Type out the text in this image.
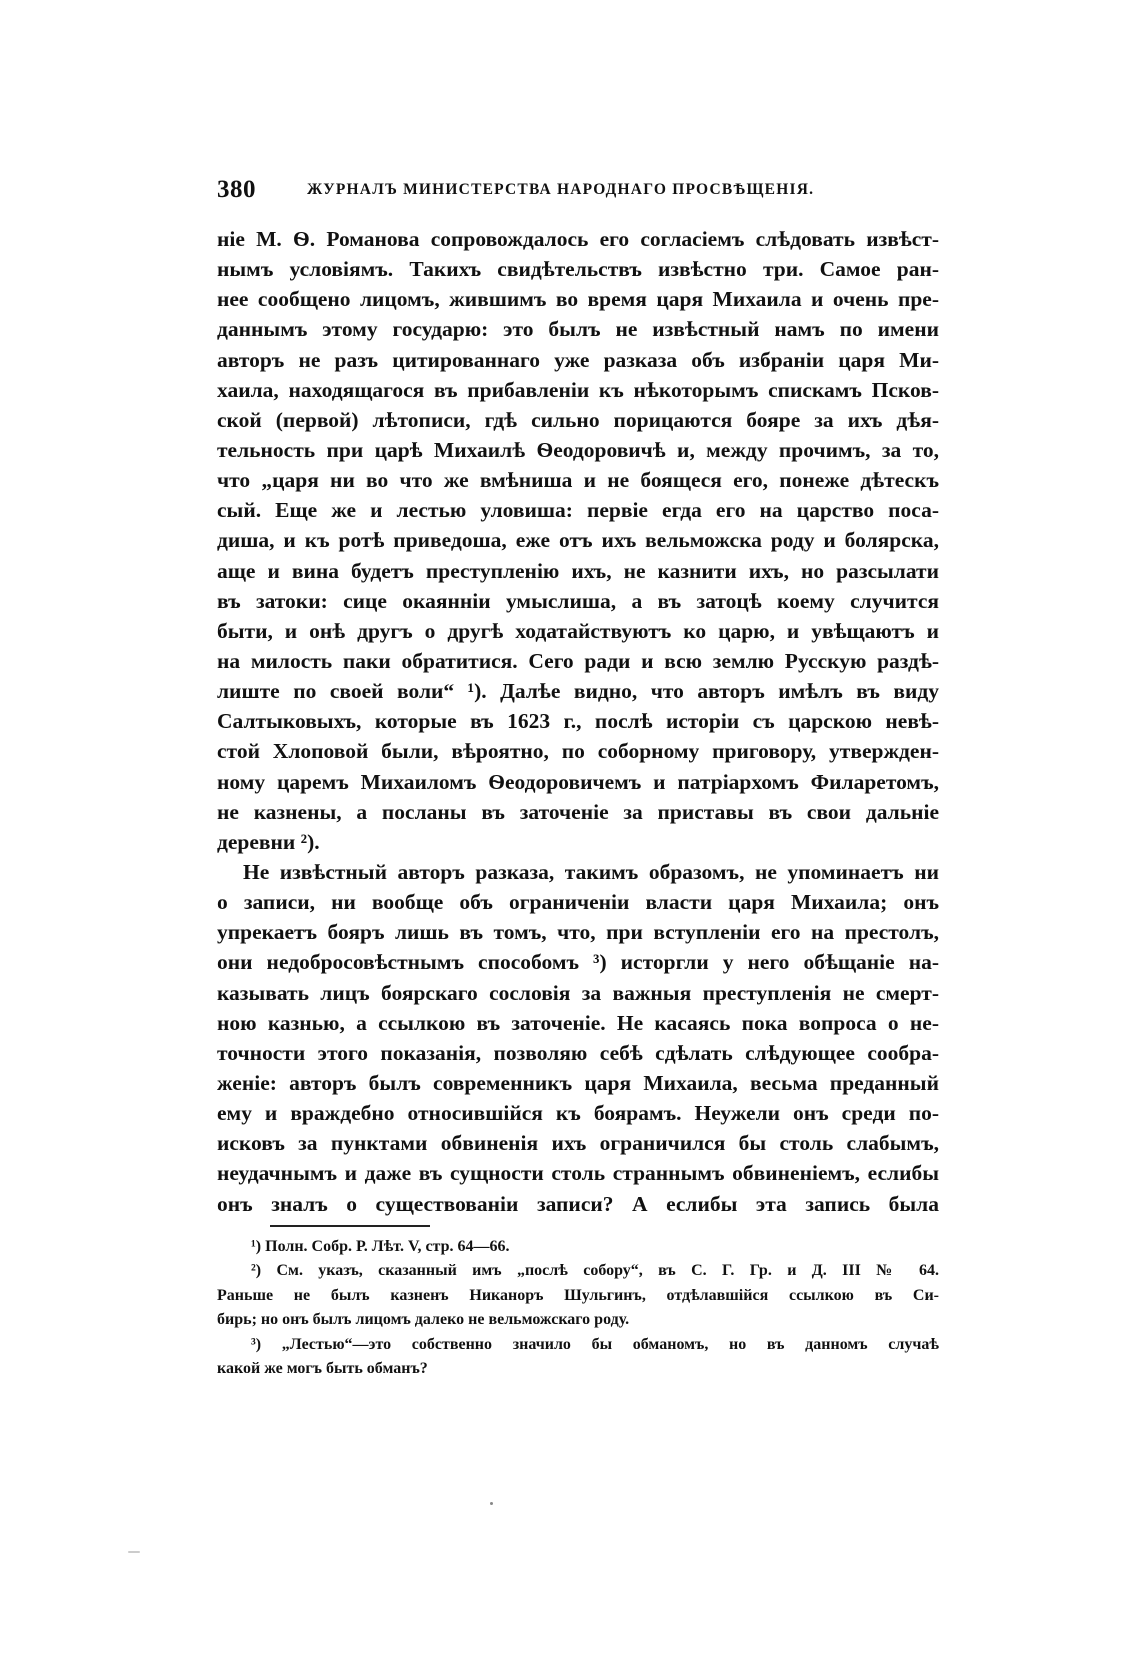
380	ЖУРНАЛЪ МИНИСТЕРСТВА НАРОДНАГО ПРОСВѢЩЕНІЯ.
ніе М. Ѳ. Романова сопровождалось его согласіемъ слѣдовать извѣст-
нымъ условіямъ. Такихъ свидѣтельствъ извѣстно три. Самое ран-
нее сообщено лицомъ, жившимъ во время царя Михаила и очень пре-
даннымъ этому государю: это былъ не извѣстный намъ по имени
авторъ не разъ цитированнаго уже разказа объ избраніи царя Ми-
хаила, находящагося въ прибавленіи къ нѣкоторымъ спискамъ Псков-
ской (первой) лѣтописи, гдѣ сильно порицаются бояре за ихъ дѣя-
тельность при царѣ Михаилѣ Ѳеодоровичѣ и, между прочимъ, за то,
что „царя ни во что же вмѣниша и не боящеся его, понеже дѣтескъ
сый. Еще же и лестью уловиша: первіе егда его на царство поса-
диша, и къ ротѣ приведоша, еже отъ ихъ вельможска роду и болярска,
аще и вина будетъ преступленію ихъ, не казнити ихъ, но разсылати
въ затоки: сице окаянніи умыслиша, а въ затоцѣ коему случится
быти, и онѣ другъ о другѣ ходатайствуютъ ко царю, и увѣщаютъ и
на милость паки обратитися. Сего ради и всю землю Русскую раздѣ-
лиште по своей воли“ ¹). Далѣе видно, что авторъ имѣлъ въ виду
Салтыковыхъ, которые въ 1623 г., послѣ исторіи съ царскою невѣ-
стой Хлоповой были, вѣроятно, по соборному приговору, утвержден-
ному царемъ Михаиломъ Ѳеодоровичемъ и патріархомъ Филаретомъ,
не казнены, а посланы въ заточеніе за приставы въ свои дальніе
деревни ²).
Не извѣстный авторъ разказа, такимъ образомъ, не упоминаетъ ни
о записи, ни вообще объ ограниченіи власти царя Михаила; онъ
упрекаетъ бояръ лишь въ томъ, что, при вступленіи его на престолъ,
они недобросовѣстнымъ способомъ ³) исторгли у него обѣщаніе на-
казывать лицъ боярскаго сословія за важныя преступленія не смерт-
ною казнью, а ссылкою въ заточеніе. Не касаясь пока вопроса о не-
точности этого показанія, позволяю себѣ сдѣлать слѣдующее сообра-
женіе: авторъ былъ современникъ царя Михаила, весьма преданный
ему и враждебно относившійся къ боярамъ. Неужели онъ среди по-
исковъ за пунктами обвиненія ихъ ограничился бы столь слабымъ,
неудачнымъ и даже въ сущности столь страннымъ обвиненіемъ, еслибы
онъ зналъ о существованіи записи? А еслибы эта запись была
¹) Полн. Собр. Р. Лѣт. V, стр. 64—66.
²) См. указъ, сказанный имъ „послѣ собору“, въ С. Г. Гр. и Д. III № 64.
Раньше не былъ казненъ Никаноръ Шульгинъ, отдѣлавшійся ссылкою въ Си-
бирь; но онъ былъ лицомъ далеко не вельможскаго роду.
³) „Лестью“—это собственно значило бы обманомъ, но въ данномъ случаѣ
какой же могъ быть обманъ?
